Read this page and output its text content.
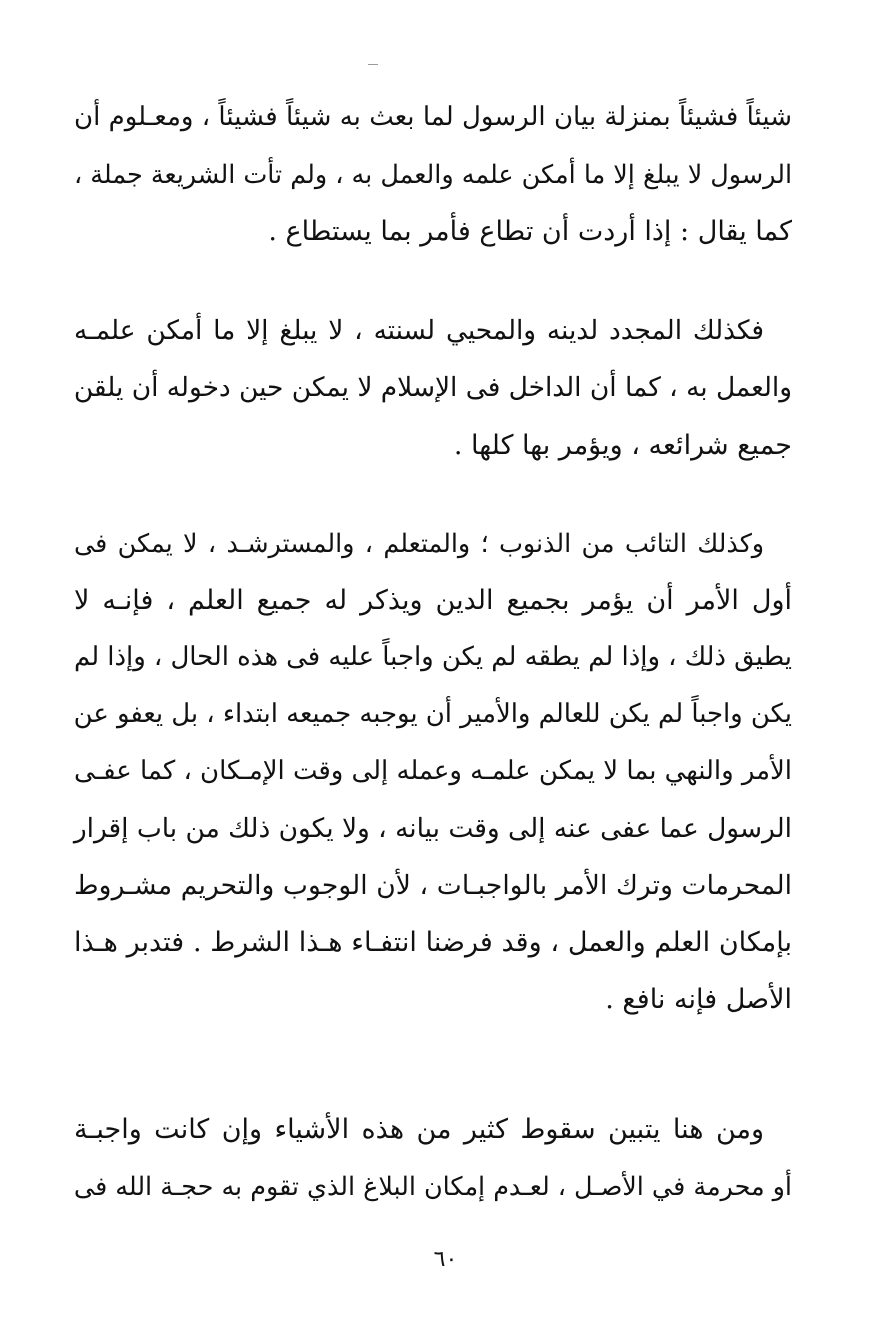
شيئاً فشيئاً بمنزلة بيان الرسول لما بعث به شيئاً فشيئاً ، ومعـلوم أن
الرسول لا يبلغ إلا ما أمكن علمه والعمل به ، ولم تأت الشريعة جملة ،
كما يقال : إذا أردت أن تطاع فأمر بما يستطاع .
فكذلك المجدد لدينه والمحيي لسنته ، لا يبلغ إلا ما أمكن علمـه
والعمل به ، كما أن الداخل فى الإسلام لا يمكن حين دخوله أن يلقن
جميع شرائعه ، ويؤمر بها كلها .
وكذلك التائب من الذنوب ؛ والمتعلم ، والمسترشـد ، لا يمكن فى
أول الأمر أن يؤمر بجميع الدين ويذكر له جميع العلم ، فإنـه لا
يطيق ذلك ، وإذا لم يطقه لم يكن واجباً عليه فى هذه الحال ، وإذا لم
يكن واجباً لم يكن للعالم والأمير أن يوجبه جميعه ابتداء ، بل يعفو عن
الأمر والنهي بما لا يمكن علمـه وعمله إلى وقت الإمـكان ، كما عفـى
الرسول عما عفى عنه إلى وقت بيانه ، ولا يكون ذلك من باب إقرار
المحرمات وترك الأمر بالواجبـات ، لأن الوجوب والتحريم مشـروط
بإمكان العلم والعمل ، وقد فرضنا انتفـاء هـذا الشرط . فتدبر هـذا
الأصل فإنه نافع .
ومن هنا يتبين سقوط كثير من هذه الأشياء وإن كانت واجبـة
أو محرمة في الأصـل ، لعـدم إمكان البلاغ الذي تقوم به حجـة الله فى
٦٠
